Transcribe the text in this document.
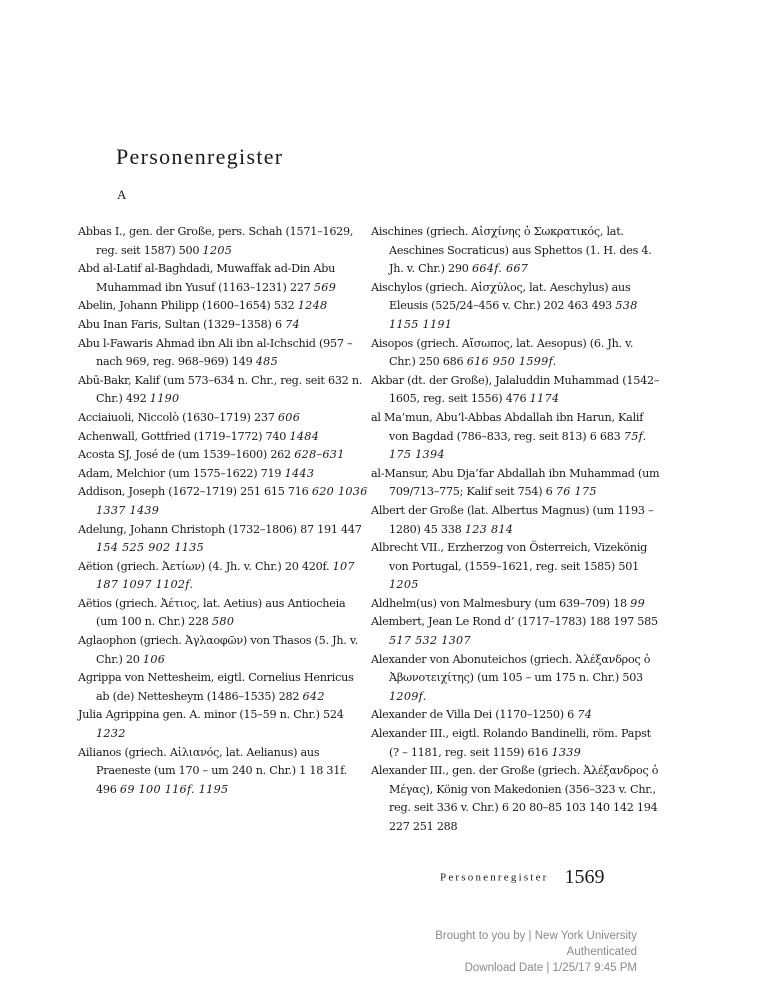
Personenregister
A
Abbas I., gen. der Große, pers. Schah (1571–1629, reg. seit 1587) 500 1205
Abd al-Latif al-Baghdadi, Muwaffak ad-Din Abu Muhammad ibn Yusuf (1163–1231) 227 569
Abelin, Johann Philipp (1600–1654) 532 1248
Abu Inan Faris, Sultan (1329–1358) 6 74
Abu l-Fawaris Ahmad ibn Ali ibn al-Ichschid (957 – nach 969, reg. 968–969) 149 485
Abū-Bakr, Kalif (um 573–634 n. Chr., reg. seit 632 n. Chr.) 492 1190
Acciaiuoli, Niccolò (1630–1719) 237 606
Achenwall, Gottfried (1719–1772) 740 1484
Acosta SJ, José de (um 1539–1600) 262 628–631
Adam, Melchior (um 1575–1622) 719 1443
Addison, Joseph (1672–1719) 251 615 716 620 1036 1337 1439
Adelung, Johann Christoph (1732–1806) 87 191 447 154 525 902 1135
Aëtion (griech. Ἀετίων) (4. Jh. v. Chr.) 20 420f. 107 187 1097 1102f.
Aëtios (griech. Ἀέτιος, lat. Aetius) aus Antiocheia (um 100 n. Chr.) 228 580
Aglaophon (griech. Ἀγλαοφῶν) von Thasos (5. Jh. v. Chr.) 20 106
Agrippa von Nettesheim, eigtl. Cornelius Henricus ab (de) Nettesheym (1486–1535) 282 642
Julia Agrippina gen. A. minor (15–59 n. Chr.) 524 1232
Ailianos (griech. Αἰλιανός, lat. Aelianus) aus Praeneste (um 170 – um 240 n. Chr.) 1 18 31f. 496 69 100 116f. 1195
Aischines (griech. Αἰσχίνης ὁ Σωκρατικός, lat. Aeschines Socraticus) aus Sphettos (1. H. des 4. Jh. v. Chr.) 290 664f. 667
Aischylos (griech. Αἰσχύλος, lat. Aeschylus) aus Eleusis (525/24–456 v. Chr.) 202 463 493 538 1155 1191
Aisopos (griech. Αἴσωπος, lat. Aesopus) (6. Jh. v. Chr.) 250 686 616 950 1599f.
Akbar (dt. der Große), Jalaluddin Muhammad (1542–1605, reg. seit 1556) 476 1174
al Ma’mun, Abu’l-Abbas Abdallah ibn Harun, Kalif von Bagdad (786–833, reg. seit 813) 6 683 75f. 175 1394
al-Mansur, Abu Dja’far Abdallah ibn Muhammad (um 709/713–775; Kalif seit 754) 6 76 175
Albert der Große (lat. Albertus Magnus) (um 1193 –1280) 45 338 123 814
Albrecht VII., Erzherzog von Österreich, Vizekönig von Portugal, (1559–1621, reg. seit 1585) 501 1205
Aldhelm(us) von Malmesbury (um 639–709) 18 99
Alembert, Jean Le Rond d’ (1717–1783) 188 197 585 517 532 1307
Alexander von Abonuteichos (griech. Ἀλέξανδρος ὁ Ἀβωνοτειχίτης) (um 105 – um 175 n. Chr.) 503 1209f.
Alexander de Villa Dei (1170–1250) 6 74
Alexander III., eigtl. Rolando Bandinelli, röm. Papst (? – 1181, reg. seit 1159) 616 1339
Alexander III., gen. der Große (griech. Ἀλέξανδρος ὁ Μέγας), König von Makedonien (356–323 v. Chr., reg. seit 336 v. Chr.) 6 20 80–85 103 140 142 194 227 251 288
Personenregister 1569
Brought to you by | New York University
Authenticated
Download Date | 1/25/17 9:45 PM
